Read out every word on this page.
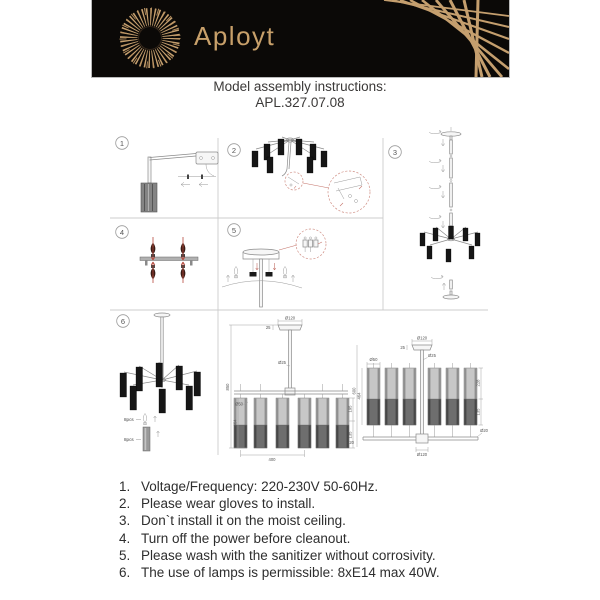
Aployt
Model assembly instructions:
APL.327.07.08
1
2	3
4	5
6
8pcs
8pcs
Ø120
25
Ø25
850
464
Ø50
195
135
400
Ø120
25
Ø25
Ø50
600
464
20
228
135
Ø20
Ø120
1. Voltage/Frequency: 220-230V 50-60Hz.
2. Please wear gloves to install.
3. Don`t install it on the moist ceiling.
4. Turn off the power before cleanout.
5. Please wash with the sanitizer without corrosivity.
6. The use of lamps is permissible: 8xE14 max 40W.
